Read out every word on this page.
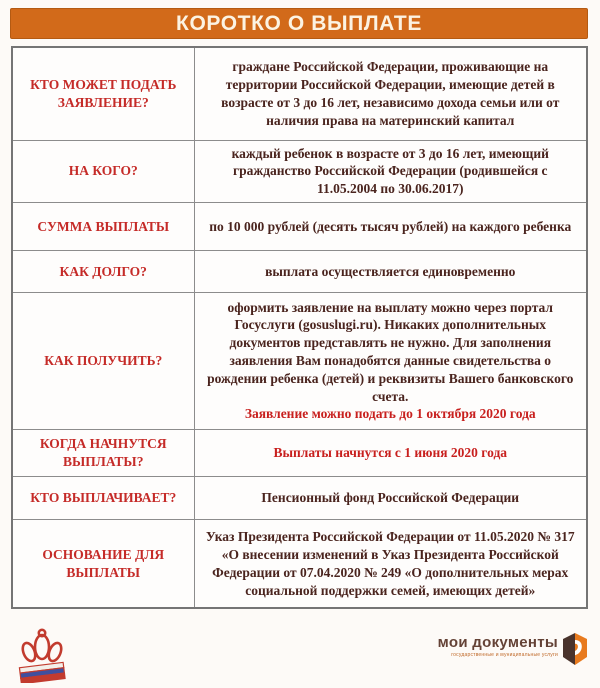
КОРОТКО О ВЫПЛАТЕ
КТО МОЖЕТ ПОДАТЬ ЗАЯВЛЕНИЕ?	граждане Российской Федерации, проживающие на территории Российской Федерации, имеющие детей в возрасте от 3 до 16 лет, независимо дохода семьи или от наличия права на материнский капитал

НА КОГО?	каждый ребенок в возрасте от 3 до 16 лет, имеющий гражданство Российской Федерации (родившейся с 11.05.2004 по 30.06.2017)

СУММА ВЫПЛАТЫ	по 10 000 рублей (десять тысяч рублей) на каждого ребенка

КАК ДОЛГО?	выплата осуществляется единовременно

КАК ПОЛУЧИТЬ?	оформить заявление на выплату можно через портал Госуслуги (gosuslugi.ru). Никаких дополнительных документов представлять не нужно. Для заполнения заявления Вам понадобятся данные свидетельства о рождении ребенка (детей) и реквизиты Вашего банковского счета.
Заявление можно подать до 1 октября 2020 года

КОГДА НАЧНУТСЯ ВЫПЛАТЫ?	Выплаты начнутся с 1 июня 2020 года

КТО ВЫПЛАЧИВАЕТ?	Пенсионный фонд Российской Федерации

ОСНОВАНИЕ ДЛЯ ВЫПЛАТЫ	Указ Президента Российской Федерации от 11.05.2020 № 317 «О внесении изменений в Указ Президента Российской Федерации от 07.04.2020 № 249 «О дополнительных мерах социальной поддержки семей, имеющих детей»
мои документы
государственные и муниципальные услуги
